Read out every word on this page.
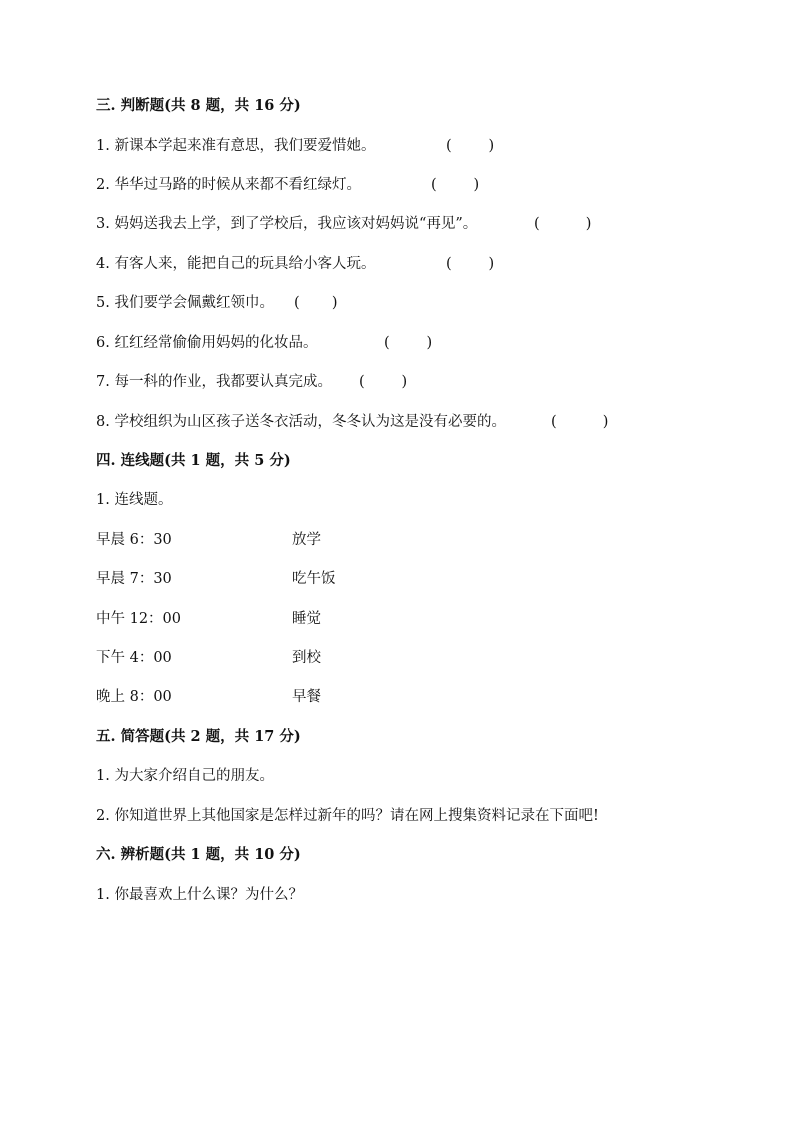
三. 判断题(共 8 题，共 16 分)
1. 新课本学起来准有意思，我们要爱惜她。	(        )
2. 华华过马路的时候从来都不看红绿灯。	(        )
3. 妈妈送我去上学，到了学校后，我应该对妈妈说“再见”。	(          )
4. 有客人来，能把自己的玩具给小客人玩。	(        )
5. 我们要学会佩戴红领巾。 (       )
6. 红红经常偷偷用妈妈的化妆品。	(        )
7. 每一科的作业，我都要认真完成。 (        )
8. 学校组织为山区孩子送冬衣活动，冬冬认为这是没有必要的。	(          )
四. 连线题(共 1 题，共 5 分)
1. 连线题。
早晨 6：30	放学
早晨 7：30	吃午饭
中午 12：00	睡觉
下午 4：00	到校
晚上 8：00	早餐
五. 简答题(共 2 题，共 17 分)
1. 为大家介绍自己的朋友。
2. 你知道世界上其他国家是怎样过新年的吗？请在网上搜集资料记录在下面吧!
六. 辨析题(共 1 题，共 10 分)
1. 你最喜欢上什么课？为什么？
